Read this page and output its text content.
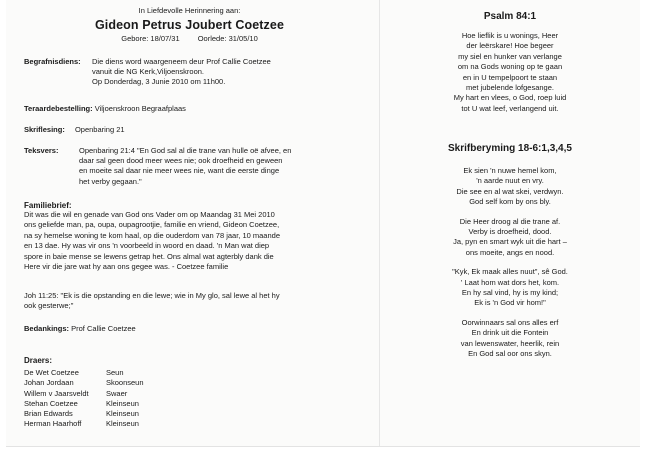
In Liefdevolle Herinnering aan:
Gideon Petrus Joubert Coetzee
Gebore: 18/07/31 Oorlede: 31/05/10
Begrafnisdiens:	Die diens word waargeneem deur Prof Callie Coetzee
vanuit die NG Kerk,Viljoenskroon.
Op Donderdag, 3 Junie 2010 om 11h00.
Teraardebestelling: Viljoenskroon Begraafplaas
Skriflesing: Openbaring 21
Teksvers:	Openbaring 21:4 "En God sal al die trane van hulle oë afvee, en
daar sal geen dood meer wees nie; ook droefheid en geween
en moeite sal daar nie meer wees nie, want die eerste dinge
het verby gegaan."
Familiebrief:
Dit was die wil en genade van God ons Vader om op Maandag 31 Mei 2010
ons geliefde man, pa, oupa, oupagrootjie, familie en vriend, Gideon Coetzee,
na sy hemelse woning te kom haal, op die ouderdom van 78 jaar, 10 maande
en 13 dae. Hy was vir ons 'n voorbeeld in woord en daad. 'n Man wat diep
spore in baie mense se lewens getrap het. Ons almal wat agterbly dank die
Here vir die jare wat hy aan ons gegee was. - Coetzee familie
Joh 11:25: "Ek is die opstanding en die lewe; wie in My glo, sal lewe al het hy
ook gesterwe;"
Bedankings: Prof Callie Coetzee
Draers:
De Wet Coetzee	Seun
Johan Jordaan	Skoonseun
Willem v Jaarsveldt	Swaer
Stehan Coetzee	Kleinseun
Brian Edwards	Kleinseun
Herman Haarhoff	Kleinseun
Psalm 84:1
Hoe lieflik is u wonings, Heer
der leërskare! Hoe begeer
my siel en hunker van verlange
om na Gods woning op te gaan
en in U tempelpoort te staan
met jubelende lofgesange.
My hart en vlees, o God, roep luid
tot U wat leef, verlangend uit.
Skrifberyming 18-6:1,3,4,5
Ek sien 'n nuwe hemel kom,
'n aarde nuut en vry.
Die see en al wat skei, verdwyn.
God self kom by ons bly.
Die Heer droog al die trane af.
Verby is droefheid, dood.
Ja, pyn en smart wyk uit die hart –
ons moeite, angs en nood.
"Kyk, Ek maak alles nuut", sê God.
' Laat hom wat dors het, kom.
En hy sal vind, hy is my kind;
Ek is 'n God vir hom!"
Oorwinnaars sal ons alles erf
En drink uit die Fontein
van lewenswater, heerlik, rein
En God sal oor ons skyn.
